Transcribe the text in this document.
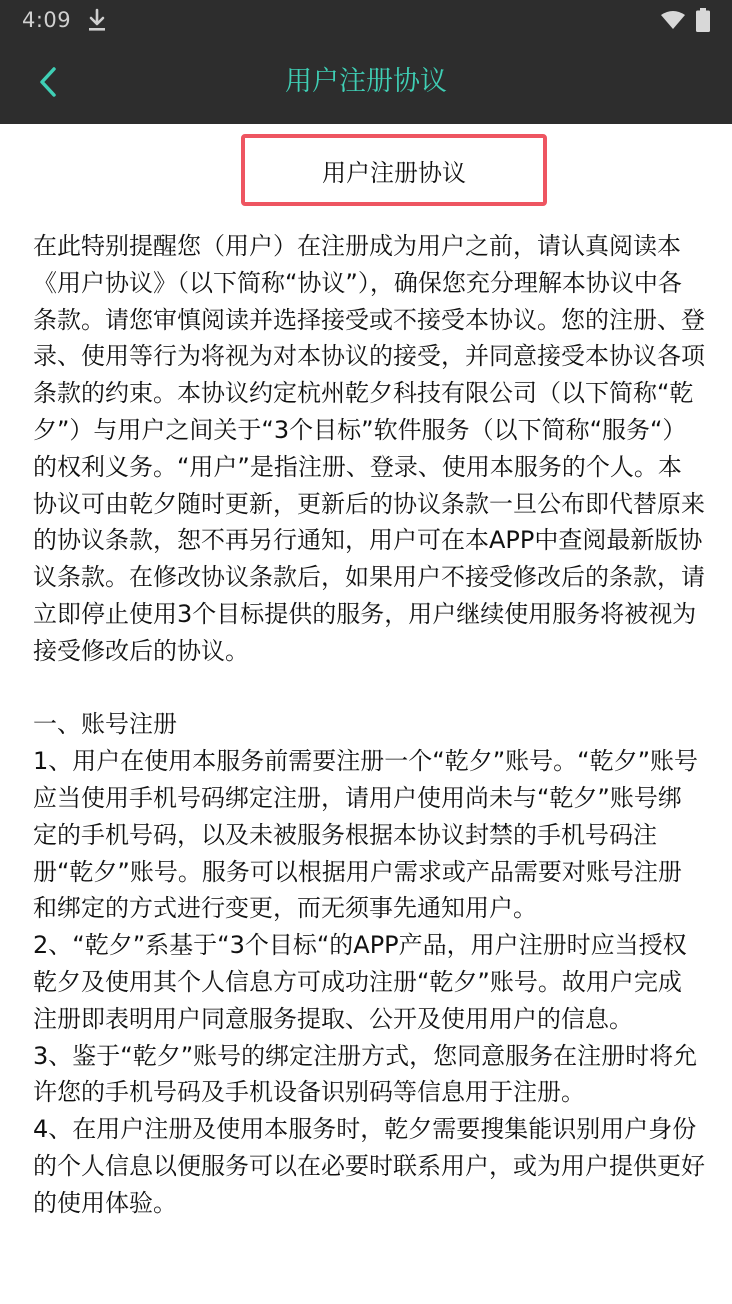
4:09
用户注册协议
用户注册协议

在此特别提醒您（用户）在注册成为用户之前，请认真阅读本《用户协议》（以下简称“协议”），确保您充分理解本协议中各条款。请您审慎阅读并选择接受或不接受本协议。您的注册、登录、使用等行为将视为对本协议的接受，并同意接受本协议各项条款的约束。本协议约定杭州乾夕科技有限公司（以下简称“乾夕”）与用户之间关于“3个目标”软件服务（以下简称“服务“）的权利义务。“用户”是指注册、登录、使用本服务的个人。本协议可由乾夕随时更新，更新后的协议条款一旦公布即代替原来的协议条款，恕不再另行通知，用户可在本APP中查阅最新版协议条款。在修改协议条款后，如果用户不接受修改后的条款，请立即停止使用3个目标提供的服务，用户继续使用服务将被视为接受修改后的协议。

一、账号注册

1、用户在使用本服务前需要注册一个“乾夕”账号。“乾夕”账号应当使用手机号码绑定注册，请用户使用尚未与“乾夕”账号绑定的手机号码，以及未被服务根据本协议封禁的手机号码注册“乾夕”账号。服务可以根据用户需求或产品需要对账号注册和绑定的方式进行变更，而无须事先通知用户。

2、“乾夕”系基于“3个目标“的APP产品，用户注册时应当授权乾夕及使用其个人信息方可成功注册“乾夕”账号。故用户完成注册即表明用户同意服务提取、公开及使用用户的信息。

3、鉴于“乾夕”账号的绑定注册方式，您同意服务在注册时将允许您的手机号码及手机设备识别码等信息用于注册。

4、在用户注册及使用本服务时，乾夕需要搜集能识别用户身份的个人信息以便服务可以在必要时联系用户，或为用户提供更好的使用体验。
